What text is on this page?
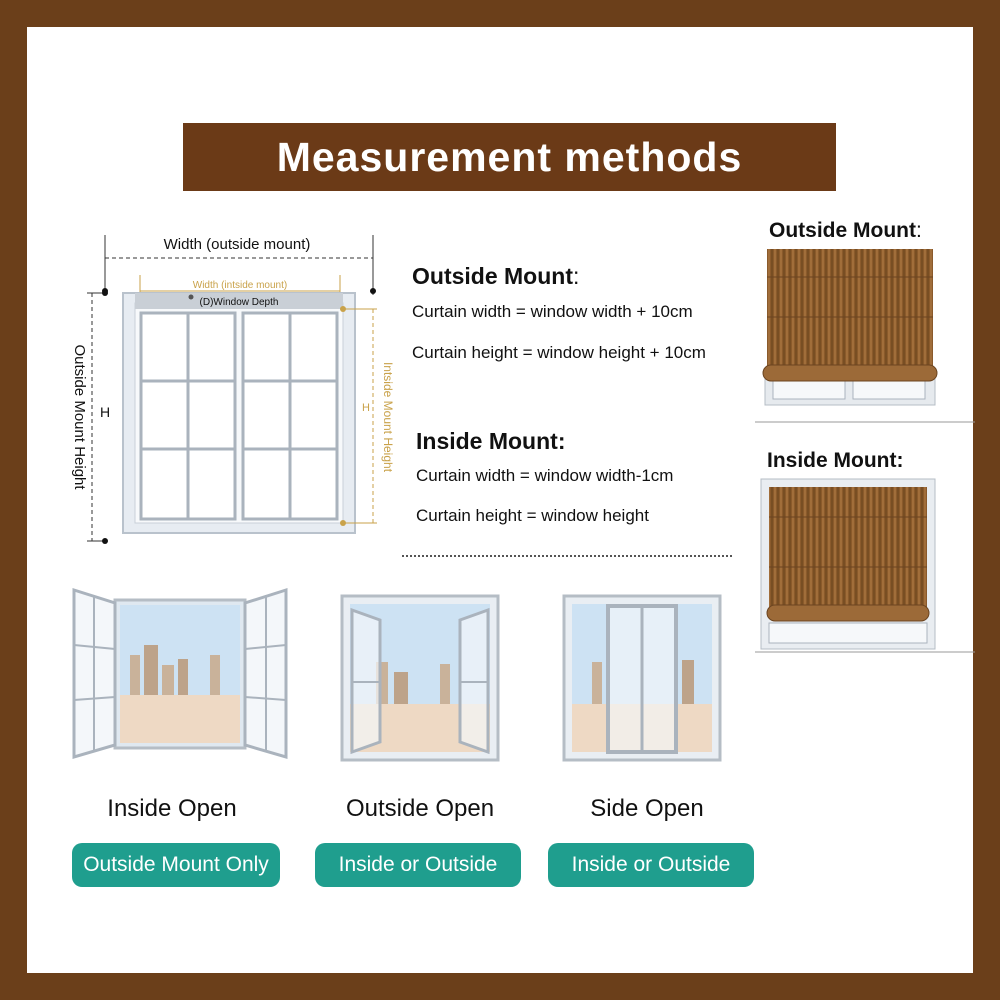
Measurement methods
Width (outside mount)
Width (intside mount)
(D)Window Depth
H
Outside Mount Height	H Intside Mount Height
Outside Mount:
Curtain width = window width + 10cm
Curtain height = window height + 10cm
Inside Mount:
Curtain width = window width-1cm
Curtain height = window height
Outside Mount:
Inside Mount:
Inside Open	Outside Open	Side Open
Outside Mount Only	Inside or Outside Mount
Inside or Outside Mount
